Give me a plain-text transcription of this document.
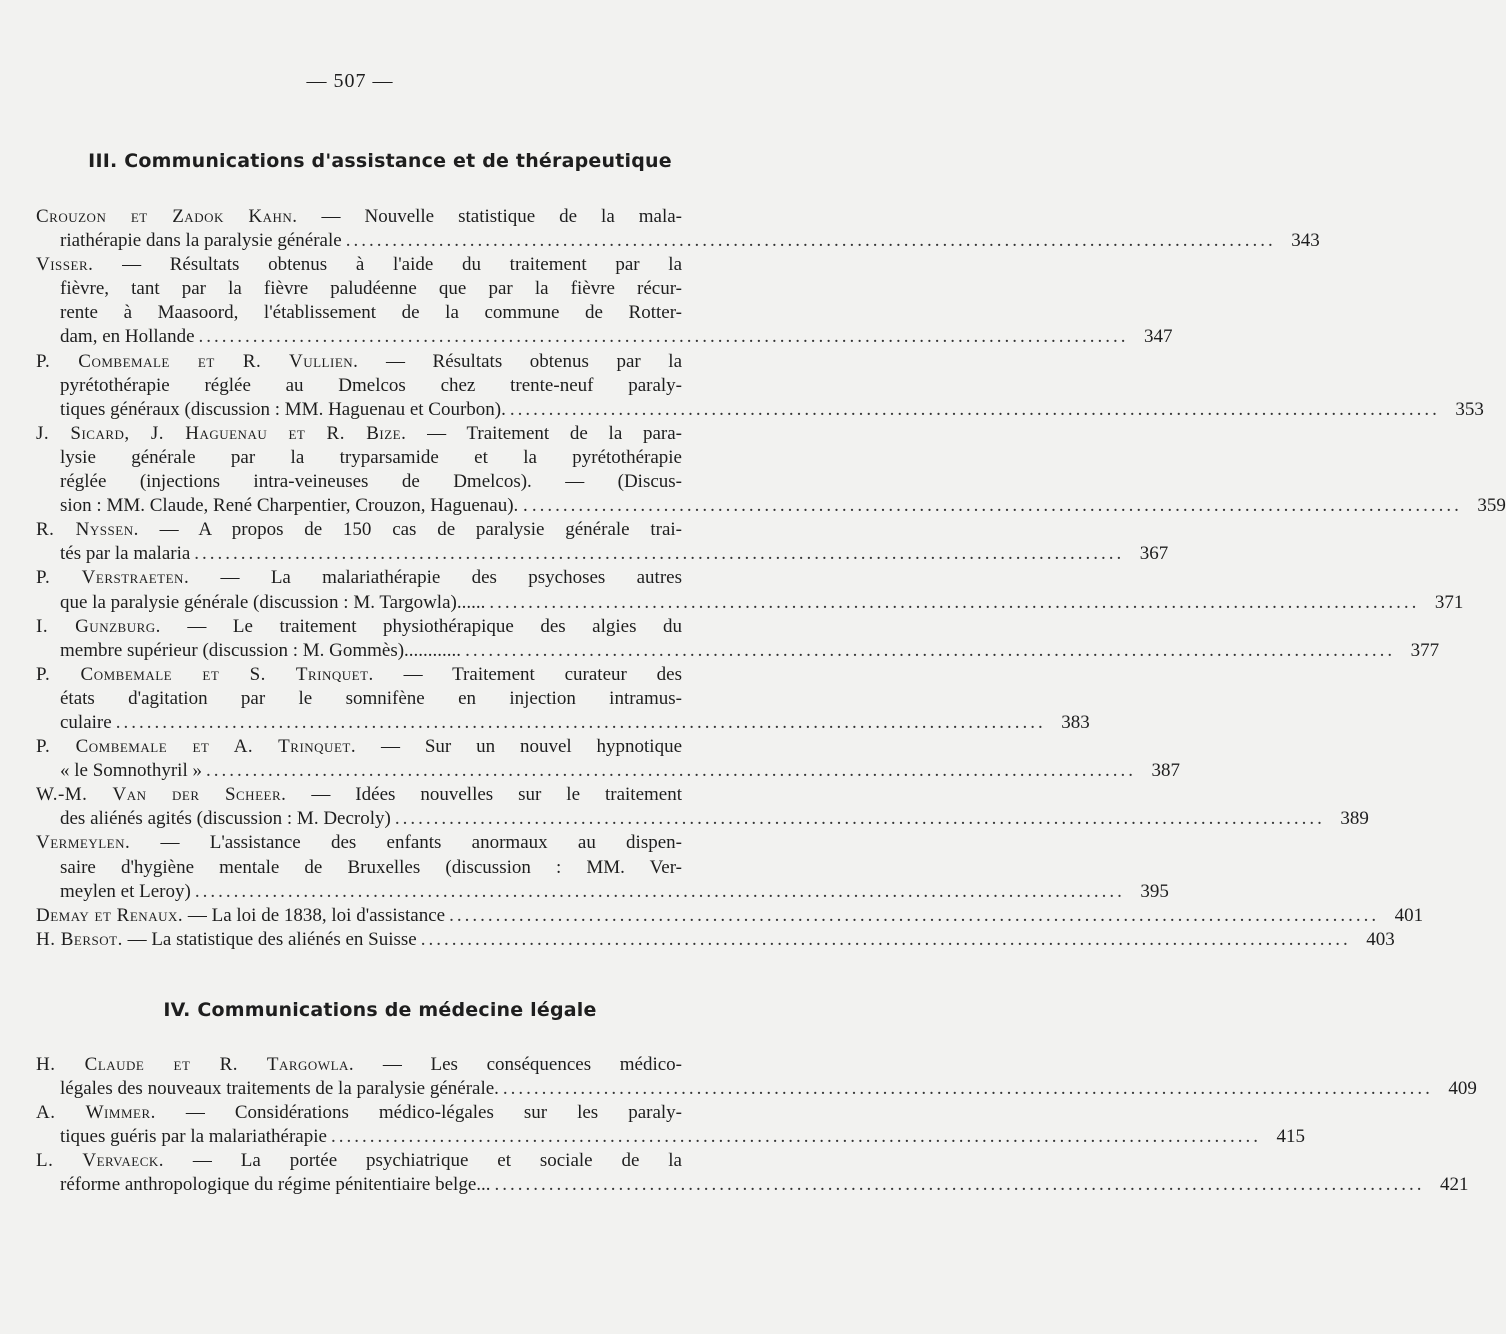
— 507 —
III. Communications d'assistance et de thérapeutique
Crouzon et Zadok Kahn. — Nouvelle statistique de la mala-
riathérapie dans la paralysie générale ........................................................................................................................ 343
Visser. — Résultats obtenus à l'aide du traitement par la
fièvre, tant par la fièvre paludéenne que par la fièvre récur-
rente à Maasoord, l'établissement de la commune de Rotter-
dam, en Hollande ........................................................................................................................ 347
P. Combemale et R. Vullien. — Résultats obtenus par la
pyrétothérapie réglée au Dmelcos chez trente-neuf paraly-
tiques généraux (discussion : MM. Haguenau et Courbon). ........................................................................................................................ 353
J. Sicard, J. Haguenau et R. Bize. — Traitement de la para-
lysie générale par la tryparsamide et la pyrétothérapie
réglée (injections intra-veineuses de Dmelcos). — (Discus-
sion : MM. Claude, René Charpentier, Crouzon, Haguenau). . ........................................................................................................................ 359
R. Nyssen. — A propos de 150 cas de paralysie générale trai-
tés par la malaria ........................................................................................................................ 367
P. Verstraeten. — La malariathérapie des psychoses autres
que la paralysie générale (discussion : M. Targowla)...... ........................................................................................................................ 371
I. Gunzburg. — Le traitement physiothérapique des algies du
membre supérieur (discussion : M. Gommès)............ ........................................................................................................................ 377
P. Combemale et S. Trinquet. — Traitement curateur des
états d'agitation par le somnifène en injection intramus-
culaire ........................................................................................................................ 383
P. Combemale et A. Trinquet. — Sur un nouvel hypnotique
« le Somnothyril » ........................................................................................................................ 387
W.-M. Van der Scheer. — Idées nouvelles sur le traitement
des aliénés agités (discussion : M. Decroly) ........................................................................................................................ 389
Vermeylen. — L'assistance des enfants anormaux au dispen-
saire d'hygiène mentale de Bruxelles (discussion : MM. Ver-
meylen et Leroy) ........................................................................................................................ 395
Demay et Renaux. — La loi de 1838, loi d'assistance ........................................................................................................................ 401
H. Bersot. — La statistique des aliénés en Suisse ........................................................................................................................ 403
IV. Communications de médecine légale
H. Claude et R. Targowla. — Les conséquences médico-
légales des nouveaux traitements de la paralysie générale. ........................................................................................................................ 409
A. Wimmer. — Considérations médico-légales sur les paraly-
tiques guéris par la malariathérapie ........................................................................................................................ 415
L. Vervaeck. — La portée psychiatrique et sociale de la
réforme anthropologique du régime pénitentiaire belge... ........................................................................................................................ 421
